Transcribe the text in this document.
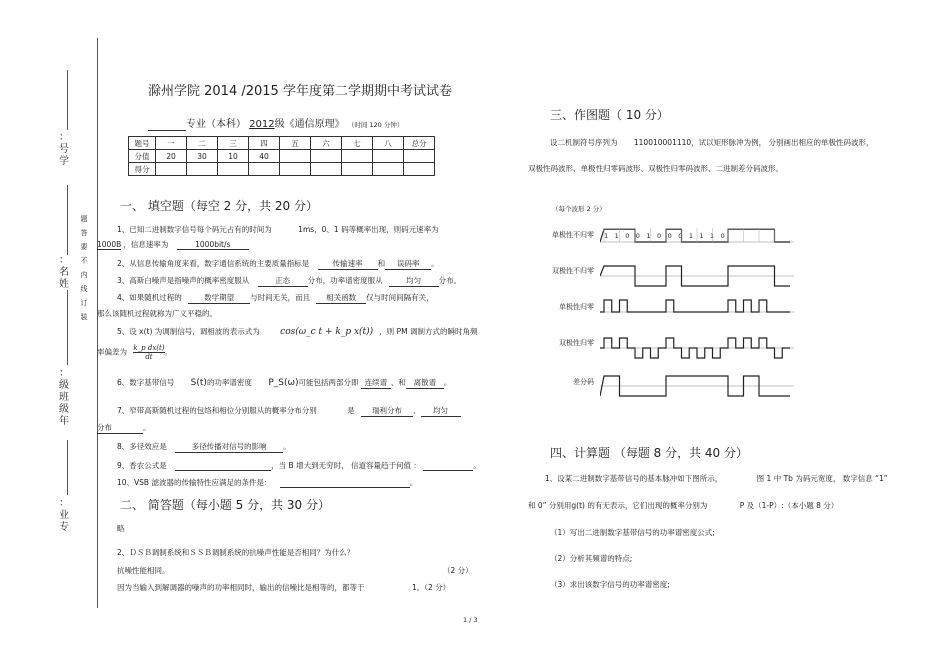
：号学
：名姓
：级班级年
：业专
题答要不内线订装
滁州学院 2014 /2015 学年度第二学期期中考试试卷
专业（本科） 2012级《通信原理》 （时间 120 分钟）
题号	一	二	三	四	五	六	七	八	总分
分值	20	30	10	40					
得分									
一、 填空题（每空 2 分，共 20 分）
1、已知二进制数字信号每个码元占有的时间为	1ms，0、1 码等概率出现，则码元速率为
1000B ，信息速率为	1000bit/s
2、从信息传输角度来看，数字通信系统的主要质量指标是	传输速率 和 误码率 。
3、高斯白噪声是指噪声的概率密度服从	正态 分布，功率谱密度服从	均匀 分布。
4、如果随机过程的	数学期望 与时间无关，而且 相关函数 仅与时间间隔有关，
那么该随机过程就称为广义平稳的。
5、设 x(t) 为调制信号，调相波的表示式为 cos(ω_c t + k_p x(t)) ，则 PM 调制方式的瞬时角频
率偏差为 $\frac{\text{k\_p dx(t)}}{dt}$ 。
6、数字基带信号 S(t)的功率谱密度 P_S(ω)可能包括两部分即 连续谱 、和 离散谱 。
7、窄带高斯随机过程的包络和相位分别服从的概率分布分别	是 瑞利分布 、 均匀
分布	。
8、多径效应是	多径传播对信号的影响 。
9、香农公式是	，当 B 增大到无穷时， 信道容量趋于何值 ：	。
10、VSB 滤波器的传输特性应满足的条件是：	。
二、 简答题（每小题 5 分，共 30 分）
略
2、ＤＳＢ调制系统和ＳＳＢ调制系统的抗噪声性能是否相同？为什么？
抗噪性能相同。	（2 分）
因为当输入到解调器的噪声的功率相同时，输出的信噪比是相等的，都等于	1。（2 分）
三、作图题（ 10 分）
设二机制符号序列为 110010001110，试以矩形脉冲为例， 分别画出相应的单极性码波形，
双极性码波形、单极性归零码波形、双极性归零码波形、二进制差分码波形。
（每个波形 2 分）
单极性不归零
双极性不归零
单极性归零
双极性归零
差分码
1 1 0 0 1 0 0 0 1 1 1 0
四、计算题 （每题 8 分，共 40 分）
1、设某二进制数字基带信号的基本脉冲如下图所示，	图 1 中 Tb 为码元宽度， 数字信息 “1”
和 0” 分别用g(t) 的有无表示，它们出现的概率分别为	P 及（1-P）:（本小题 8 分）
（1）写出二进制数字基带信号的功率谱密度公式;
（2）分析其频谱的特点;
（3）求出该数字信号的功率谱密度;
1 / 3
